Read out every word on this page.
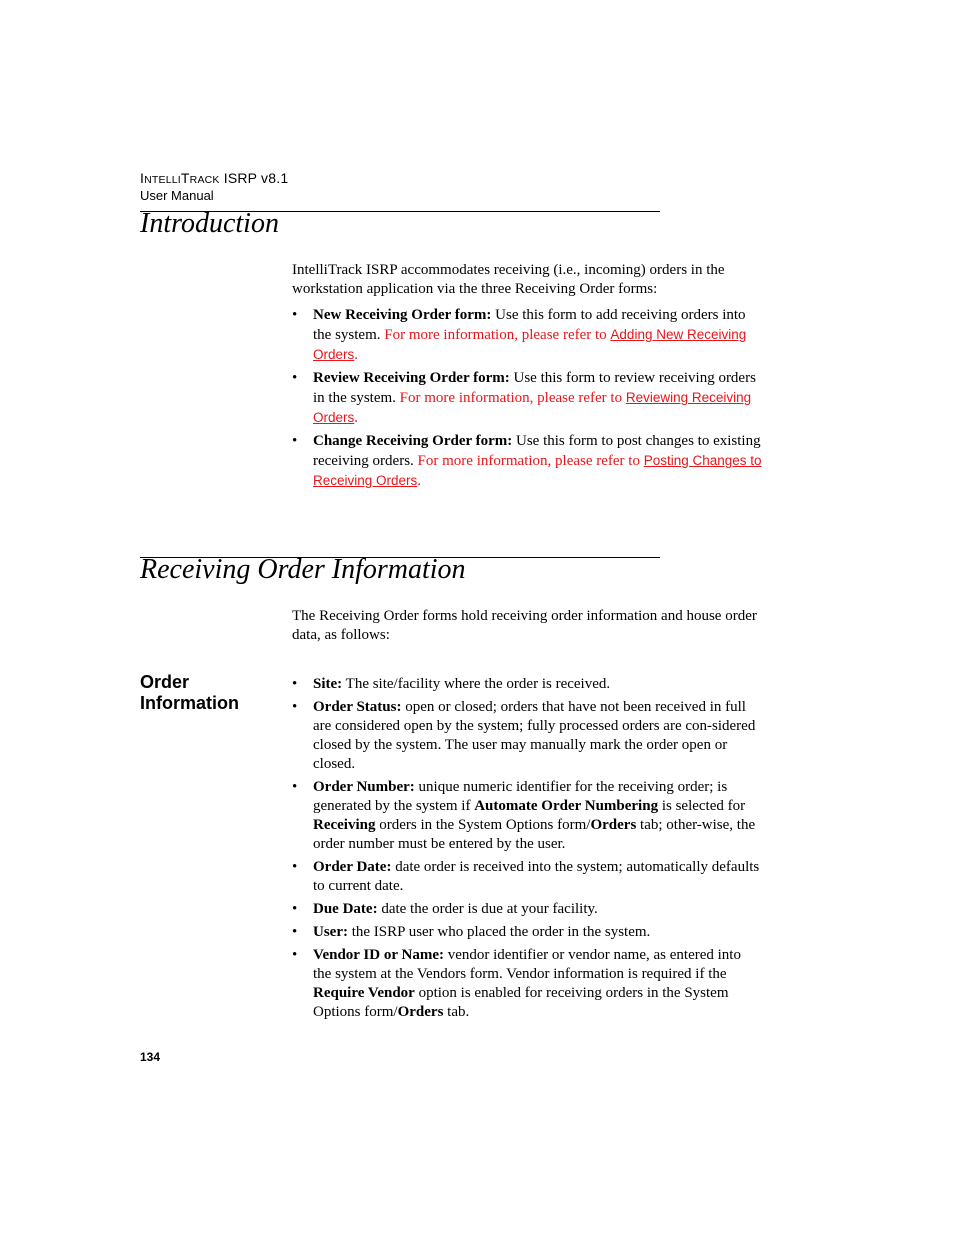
INTELLITRACK ISRP v8.1
User Manual
Introduction

IntelliTrack ISRP accommodates receiving (i.e., incoming) orders in the workstation application via the three Receiving Order forms:

• New Receiving Order form: Use this form to add receiving orders into the system. For more information, please refer to Adding New Receiving Orders.
• Review Receiving Order form: Use this form to review receiving orders in the system. For more information, please refer to Reviewing Receiving Orders.
• Change Receiving Order form: Use this form to post changes to existing receiving orders. For more information, please refer to Posting Changes to Receiving Orders.
Receiving Order Information
The Receiving Order forms hold receiving order information and house order data, as follows:
Order Information
• Site: The site/facility where the order is received.
• Order Status: open or closed; orders that have not been received in full are considered open by the system; fully processed orders are con-sidered closed by the system. The user may manually mark the order open or closed.
• Order Number: unique numeric identifier for the receiving order; is generated by the system if Automate Order Numbering is selected for Receiving orders in the System Options form/Orders tab; other-wise, the order number must be entered by the user.
• Order Date: date order is received into the system; automatically defaults to current date.
• Due Date: date the order is due at your facility.
• User: the ISRP user who placed the order in the system.
• Vendor ID or Name: vendor identifier or vendor name, as entered into the system at the Vendors form. Vendor information is required if the Require Vendor option is enabled for receiving orders in the System Options form/Orders tab.
134
